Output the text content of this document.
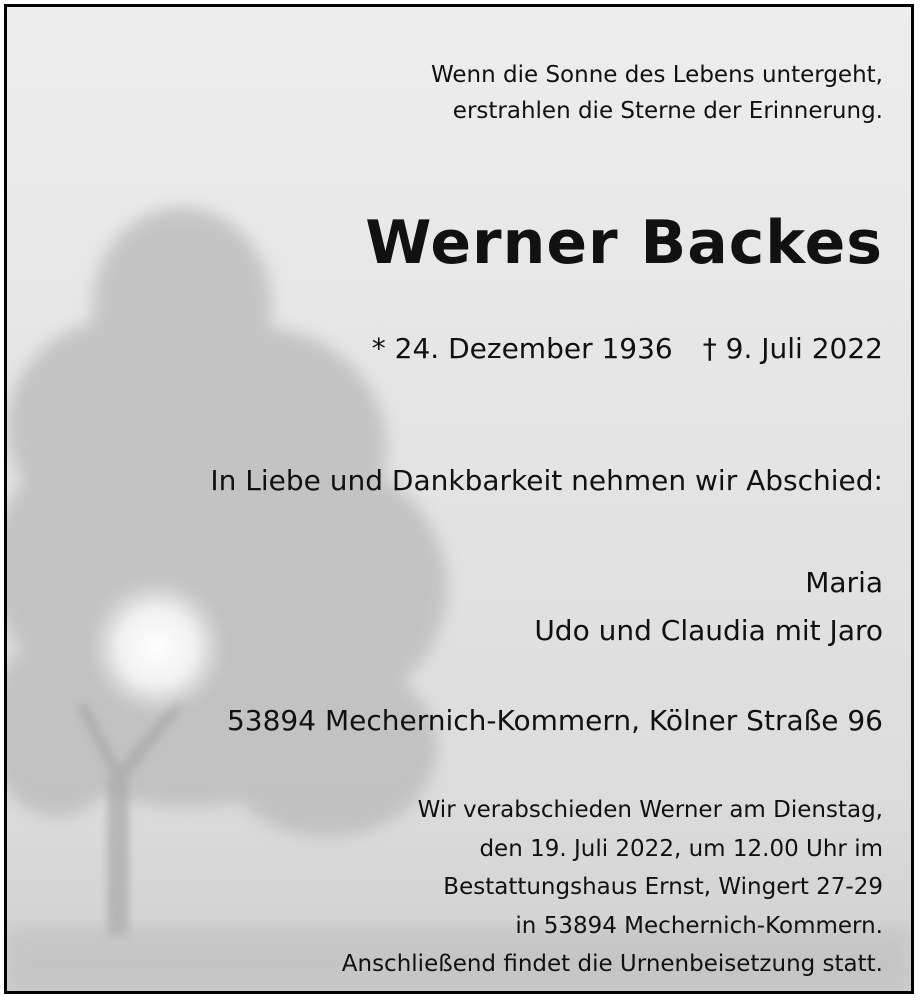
Wenn die Sonne des Lebens untergeht,
erstrahlen die Sterne der Erinnerung.
Werner Backes
* 24. Dezember 1936 † 9. Juli 2022
In Liebe und Dankbarkeit nehmen wir Abschied:
Maria
Udo und Claudia mit Jaro
53894 Mechernich-Kommern, Kölner Straße 96
Wir verabschieden Werner am Dienstag,
den 19. Juli 2022, um 12.00 Uhr im
Bestattungshaus Ernst, Wingert 27-29
in 53894 Mechernich-Kommern.
Anschließend findet die Urnenbeisetzung statt.
